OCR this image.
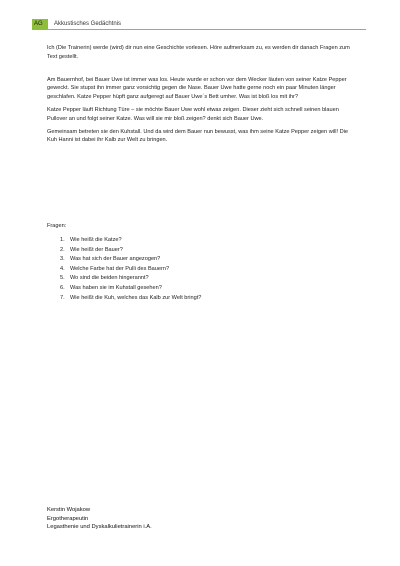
AG	Akkustisches Gedächtnis

Ich (Die Trainerin) werde (wird) dir nun eine Geschichte vorlesen. Höre aufmerksam zu, es werden dir danach Fragen zum Text gestellt.

Am Bauernhof, bei Bauer Uwe ist immer was los. Heute wurde er schon vor dem Wecker läuten von seiner Katze Pepper geweckt. Sie stupst ihn immer ganz vorsichtig gegen die Nase. Bauer Uwe hatte gerne noch ein paar Minuten länger geschlafen. Katze Pepper hüpft ganz aufgeregt auf Bauer Uwe´s Bett umher. Was ist bloß los mit ihr?

Katze Pepper läuft Richtung Türe – sie möchte Bauer Uwe wohl etwas zeigen. Dieser zieht sich schnell seinen blauen Pullover an und folgt seiner Katze. Was will sie mir bloß zeigen? denkt sich Bauer Uwe.

Gemeinsam betreten sie den Kuhstall. Und da wird dem Bauer nun bewusst, was ihm seine Katze Pepper zeigen will! Die Kuh Hanni ist dabei ihr Kalb zur Welt zu bringen.

Fragen:
1. Wie heißt die Katze?
2. Wie heißt der Bauer?
3. Was hat sich der Bauer angezogen?
4. Welche Farbe hat der Pulli des Bauern?
5. Wo sind die beiden hingerannt?
6. Was haben sie im Kuhstall gesehen?
7. Wie heißt die Kuh, welches das Kalb zur Welt bringt?
Kerstin Wojakow
Ergotherapeutin
Legasthenie und Dyskalkulietrainerin i.A.
